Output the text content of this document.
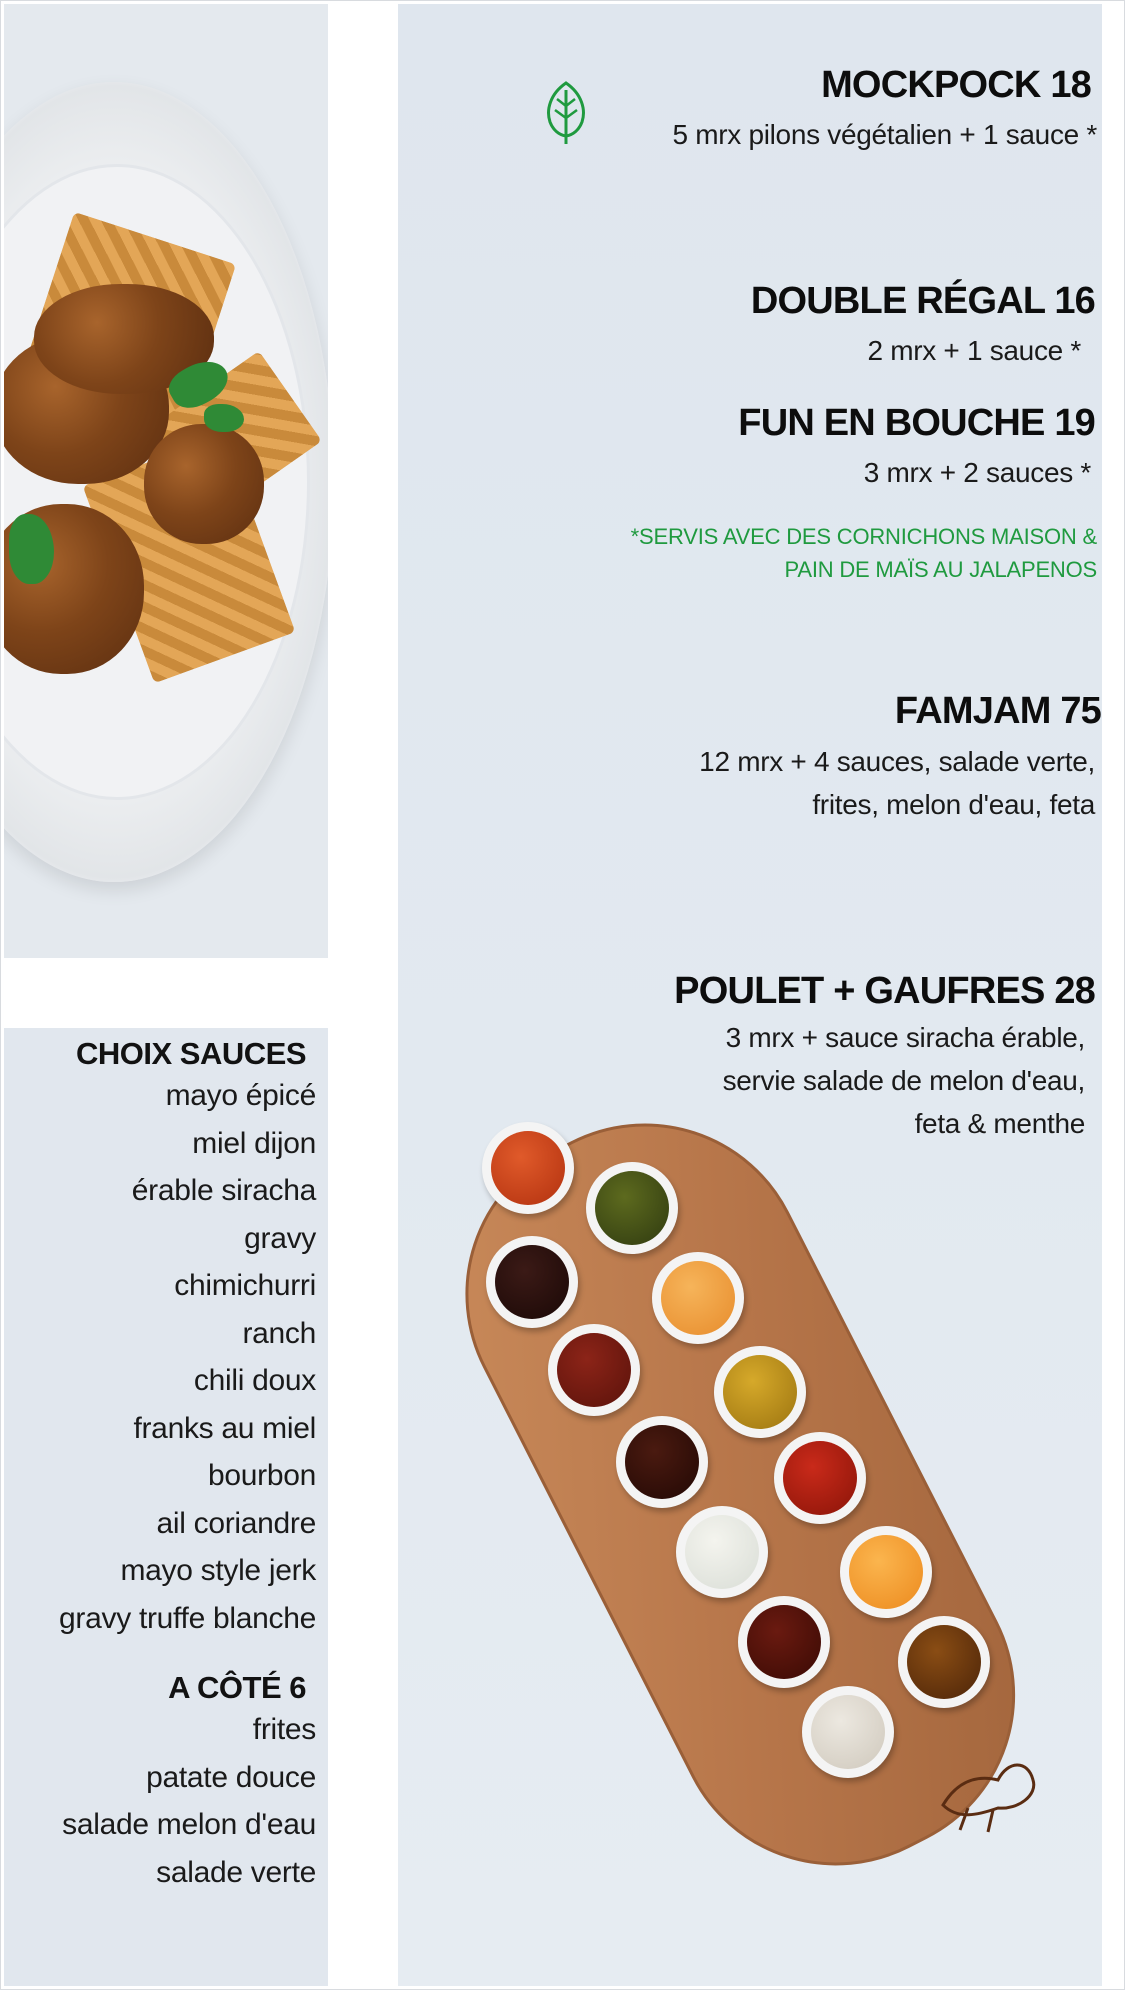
CHOIX SAUCES
mayo épicé
miel dijon
érable siracha
gravy
chimichurri
ranch
chili doux
franks au miel
bourbon
ail coriandre
mayo style jerk
gravy truffe blanche
A CÔTÉ 6
frites
patate douce
salade melon d'eau
salade verte
MOCKPOCK 18

5 mrx pilons végétalien + 1 sauce *

DOUBLE RÉGAL 16

2 mrx + 1 sauce *

FUN EN BOUCHE 19

3 mrx + 2 sauces *

*SERVIS AVEC DES CORNICHONS MAISON &
PAIN DE MAÏS AU JALAPENOS

FAMJAM 75

12 mrx + 4 sauces, salade verte,
frites, melon d'eau, feta

POULET + GAUFRES 28

3 mrx + sauce siracha érable,
servie salade de melon d'eau,
feta & menthe
